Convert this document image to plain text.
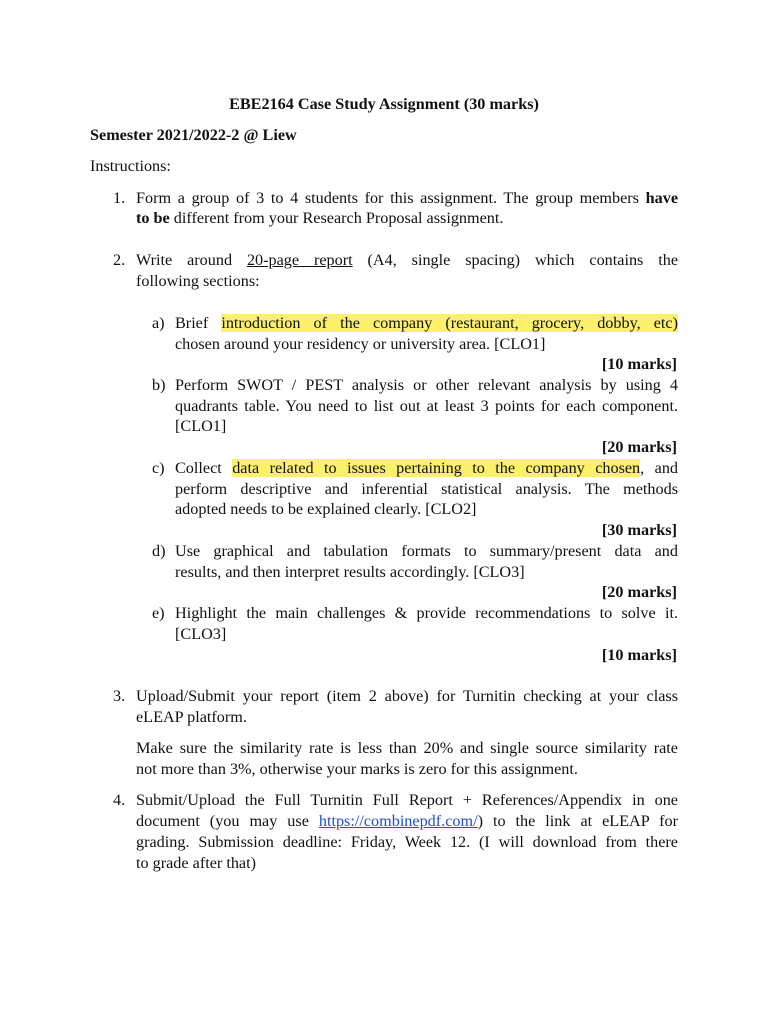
EBE2164 Case Study Assignment (30 marks)
Semester 2021/2022-2 @ Liew
Instructions:
1. Form a group of 3 to 4 students for this assignment. The group members have
to be different from your Research Proposal assignment.
2. Write around 20-page report (A4, single spacing) which contains the
following sections:
a) Brief introduction of the company (restaurant, grocery, dobby, etc)
chosen around your residency or university area. [CLO1]
[10 marks]
b) Perform SWOT / PEST analysis or other relevant analysis by using 4
quadrants table. You need to list out at least 3 points for each component.
[CLO1]
[20 marks]
c) Collect data related to issues pertaining to the company chosen, and
perform descriptive and inferential statistical analysis. The methods
adopted needs to be explained clearly. [CLO2]
[30 marks]
d) Use graphical and tabulation formats to summary/present data and
results, and then interpret results accordingly. [CLO3]
[20 marks]
e) Highlight the main challenges & provide recommendations to solve it.
[CLO3]
[10 marks]
3. Upload/Submit your report (item 2 above) for Turnitin checking at your class
eLEAP platform.
Make sure the similarity rate is less than 20% and single source similarity rate
not more than 3%, otherwise your marks is zero for this assignment.
4. Submit/Upload the Full Turnitin Full Report + References/Appendix in one
document (you may use https://combinepdf.com/) to the link at eLEAP for
grading. Submission deadline: Friday, Week 12. (I will download from there
to grade after that)
